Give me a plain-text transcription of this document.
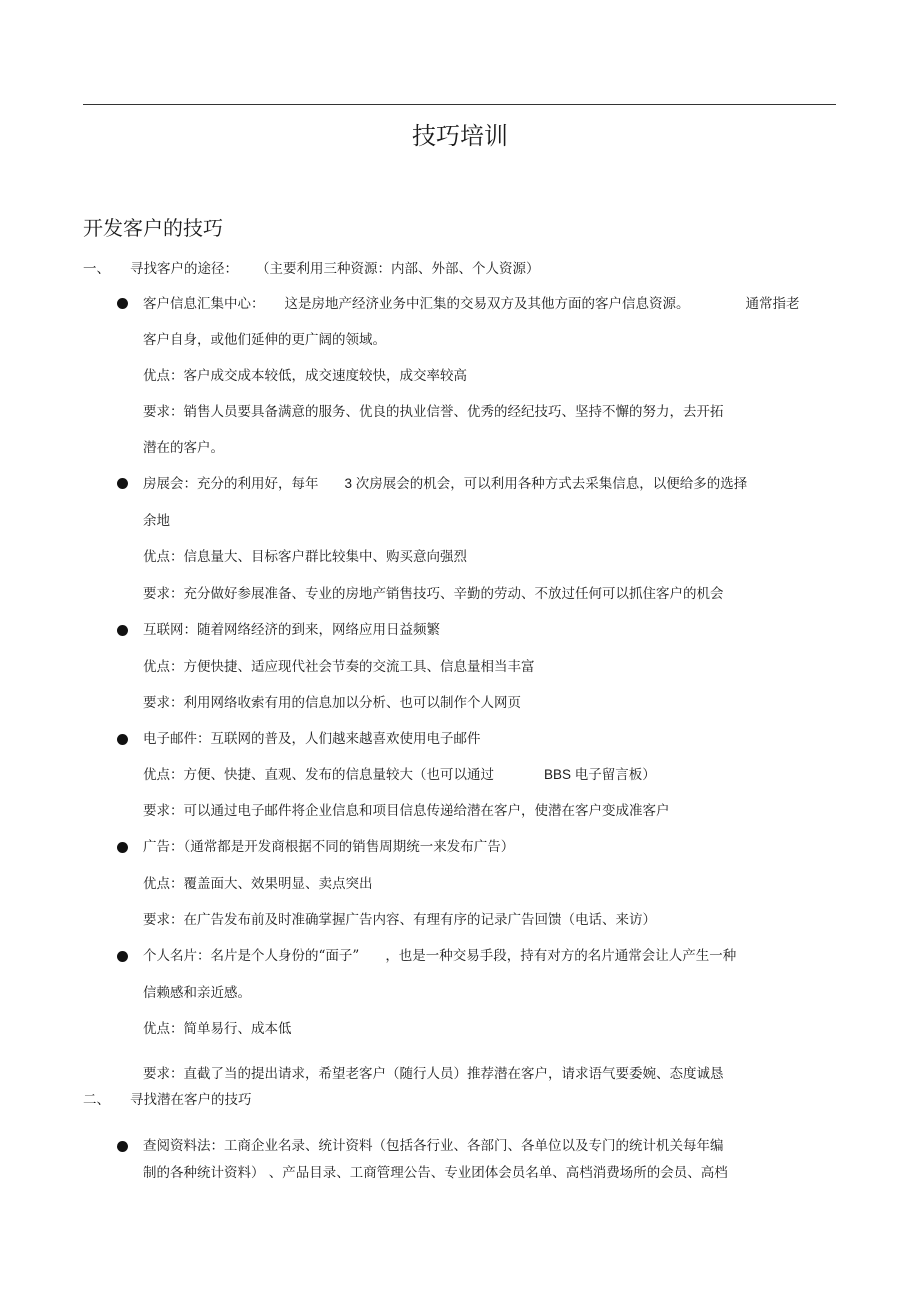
技巧培训
开发客户的技巧
一、 寻找客户的途径： （主要利用三种资源：内部、外部、个人资源）
客户信息汇集中心： 这是房地产经济业务中汇集的交易双方及其他方面的客户信息资源。	通常指老
客户自身，或他们延伸的更广阔的领域。
优点：客户成交成本较低，成交速度较快，成交率较高
要求：销售人员要具备满意的服务、优良的执业信誉、优秀的经纪技巧、坚持不懈的努力，去开拓
潜在的客户。
房展会：充分的利用好，每年 3 次房展会的机会，可以利用各种方式去采集信息，以便给多的选择
余地
优点：信息量大、目标客户群比较集中、购买意向强烈
要求：充分做好参展准备、专业的房地产销售技巧、辛勤的劳动、不放过任何可以抓住客户的机会
互联网：随着网络经济的到来，网络应用日益频繁
优点：方便快捷、适应现代社会节奏的交流工具、信息量相当丰富
要求：利用网络收索有用的信息加以分析、也可以制作个人网页
电子邮件：互联网的普及，人们越来越喜欢使用电子邮件
优点：方便、快捷、直观、发布的信息量较大（也可以通过	BBS 电子留言板）
要求：可以通过电子邮件将企业信息和项目信息传递给潜在客户，使潜在客户变成准客户
广告：（通常都是开发商根据不同的销售周期统一来发布广告）
优点：覆盖面大、效果明显、卖点突出
要求：在广告发布前及时准确掌握广告内容、有理有序的记录广告回馈（电话、来访）
个人名片：名片是个人身份的“面子” ，也是一种交易手段，持有对方的名片通常会让人产生一种
信赖感和亲近感。
优点：简单易行、成本低
要求：直截了当的提出请求，希望老客户（随行人员）推荐潜在客户，请求语气要委婉、态度诚恳
二、 寻找潜在客户的技巧
查阅资料法：工商企业名录、统计资料（包括各行业、各部门、各单位以及专门的统计机关每年编
制的各种统计资料） 、产品目录、工商管理公告、专业团体会员名单、高档消费场所的会员、高档
